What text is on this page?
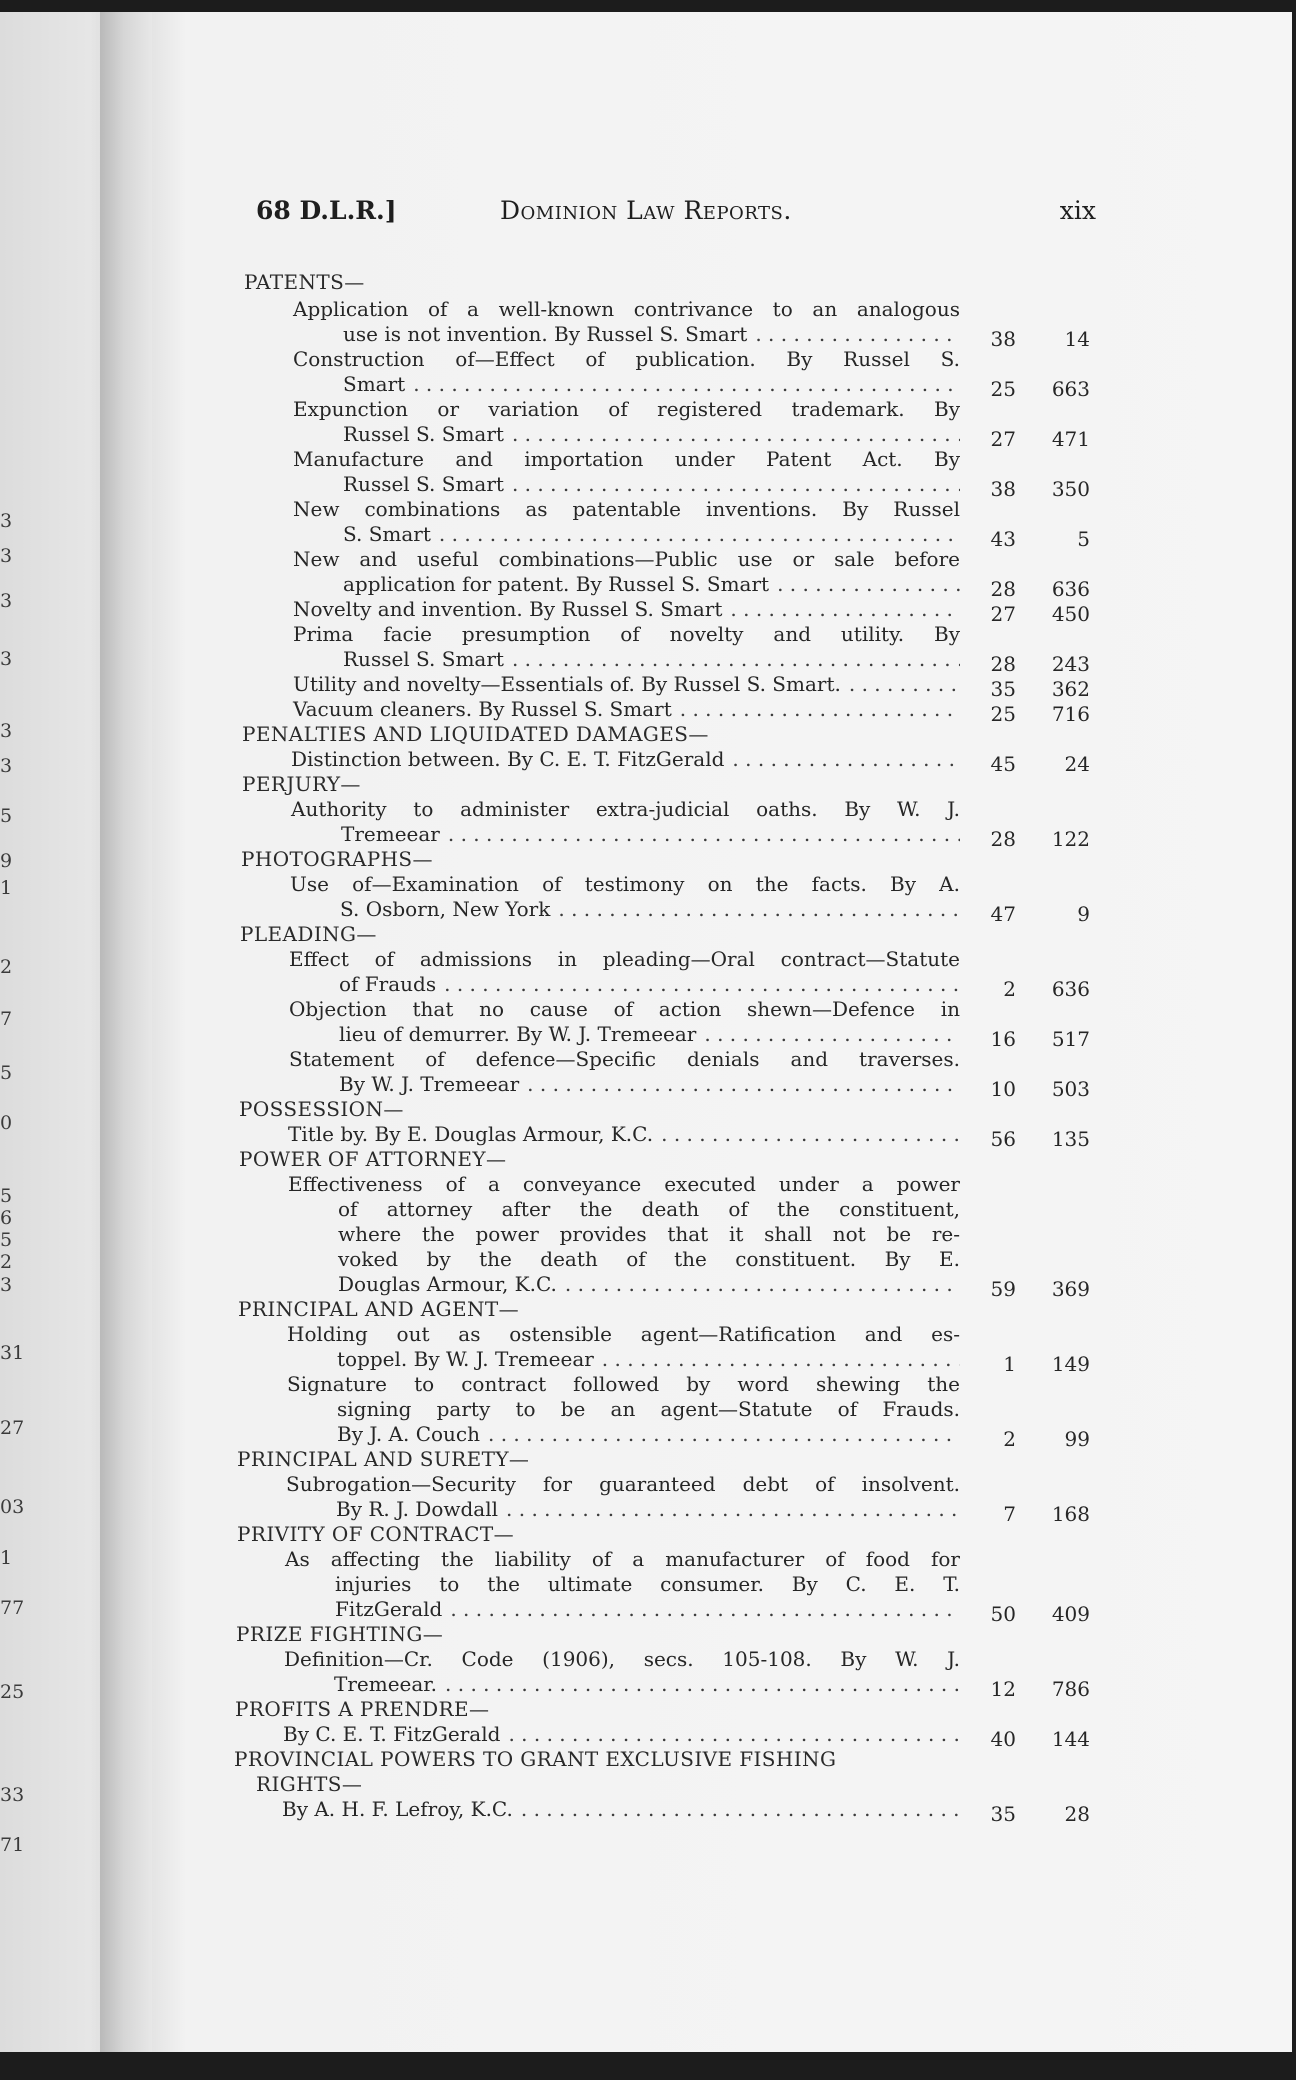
3
3
3
3
3
3
5
9
1
2
7
5
0
5
6
5
2
3
31
27
03
1
77
25
33
71
68 D.L.R.]	Dominion Law Reports.	xix
PATENTS—
Application of a well-known contrivance to an analogous
use is not invention. By Russel S. Smart . . .	38	14
Construction of—Effect of publication. By Russel S.
Smart . . .	25	663
Expunction or variation of registered trademark. By
Russel S. Smart . . .	27	471
Manufacture and importation under Patent Act. By
Russel S. Smart . . .	38	350
New combinations as patentable inventions. By Russel
S. Smart . . .	43	5
New and useful combinations—Public use or sale before
application for patent. By Russel S. Smart . . .	28	636
Novelty and invention. By Russel S. Smart . . .	27	450
Prima facie presumption of novelty and utility. By
Russel S. Smart . . .	28	243
Utility and novelty—Essentials of. By Russel S. Smart. . . .	35	362
Vacuum cleaners. By Russel S. Smart . . .	25	716
PENALTIES AND LIQUIDATED DAMAGES—
Distinction between. By C. E. T. FitzGerald . . .	45	24
PERJURY—
Authority to administer extra-judicial oaths. By W. J.
Tremeear . . .	28	122
PHOTOGRAPHS—
Use of—Examination of testimony on the facts. By A.
S. Osborn, New York . . .	47	9
PLEADING—
Effect of admissions in pleading—Oral contract—Statute
of Frauds . . .	2	636
Objection that no cause of action shewn—Defence in
lieu of demurrer. By W. J. Tremeear . . .	16	517
Statement of defence—Specific denials and traverses.
By W. J. Tremeear . . .	10	503
POSSESSION—
Title by. By E. Douglas Armour, K.C. . . .	56	135
POWER OF ATTORNEY—
Effectiveness of a conveyance executed under a power
of attorney after the death of the constituent,
where the power provides that it shall not be re-
voked by the death of the constituent. By E.
Douglas Armour, K.C. . . .	59	369
PRINCIPAL AND AGENT—
Holding out as ostensible agent—Ratification and es-
toppel. By W. J. Tremeear . . .	1	149
Signature to contract followed by word shewing the
signing party to be an agent—Statute of Frauds.
By J. A. Couch . . .	2	99
PRINCIPAL AND SURETY—
Subrogation—Security for guaranteed debt of insolvent.
By R. J. Dowdall . . .	7	168
PRIVITY OF CONTRACT—
As affecting the liability of a manufacturer of food for
injuries to the ultimate consumer. By C. E. T.
FitzGerald . . .	50	409
PRIZE FIGHTING—
Definition—Cr. Code (1906), secs. 105-108. By W. J.
Tremeear. . . .	12	786
PROFITS A PRENDRE—
By C. E. T. FitzGerald . . .	40	144
PROVINCIAL POWERS TO GRANT EXCLUSIVE FISHING
RIGHTS—
By A. H. F. Lefroy, K.C. . . .	35	28
